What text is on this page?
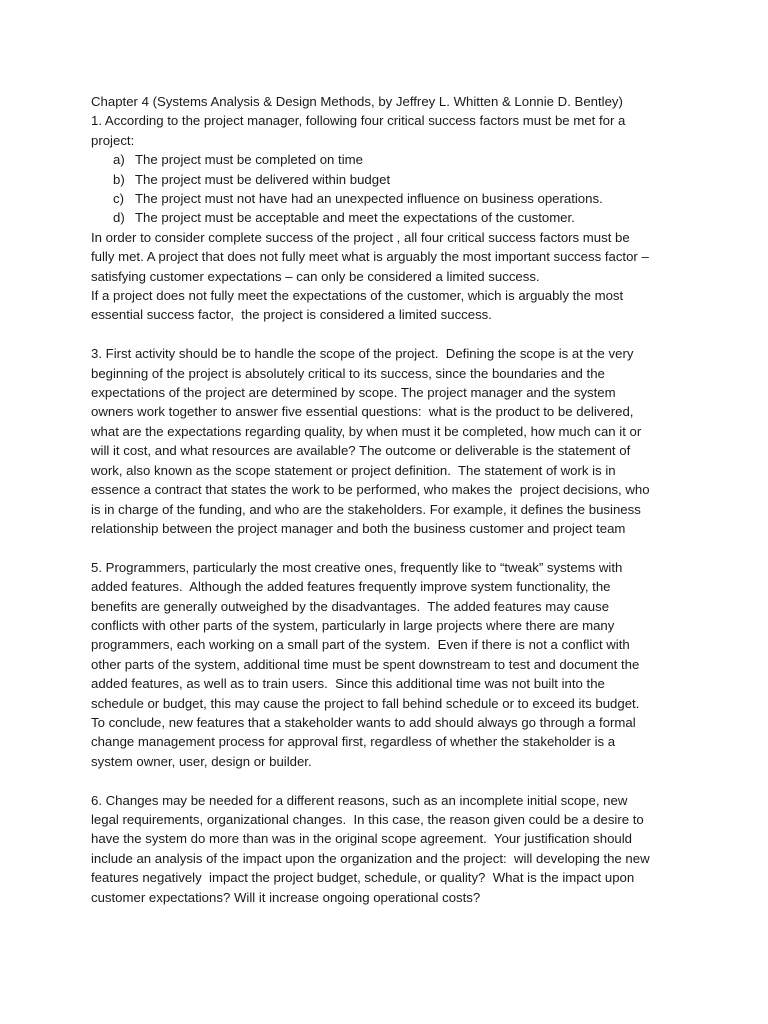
Chapter 4 (Systems Analysis & Design Methods, by Jeffrey L. Whitten & Lonnie D. Bentley)
1. According to the project manager, following four critical success factors must be met for a
project:
a) The project must be completed on time
b) The project must be delivered within budget
c) The project must not have had an unexpected influence on business operations.
d) The project must be acceptable and meet the expectations of the customer.
In order to consider complete success of the project , all four critical success factors must be
fully met. A project that does not fully meet what is arguably the most important success factor –
satisfying customer expectations – can only be considered a limited success.
If a project does not fully meet the expectations of the customer, which is arguably the most
essential success factor,  the project is considered a limited success.
3. First activity should be to handle the scope of the project.  Defining the scope is at the very
beginning of the project is absolutely critical to its success, since the boundaries and the
expectations of the project are determined by scope. The project manager and the system
owners work together to answer five essential questions:  what is the product to be delivered,
what are the expectations regarding quality, by when must it be completed, how much can it or
will it cost, and what resources are available? The outcome or deliverable is the statement of
work, also known as the scope statement or project definition.  The statement of work is in
essence a contract that states the work to be performed, who makes the  project decisions, who
is in charge of the funding, and who are the stakeholders. For example, it defines the business
relationship between the project manager and both the business customer and project team
5. Programmers, particularly the most creative ones, frequently like to “tweak” systems with
added features.  Although the added features frequently improve system functionality, the
benefits are generally outweighed by the disadvantages.  The added features may cause
conflicts with other parts of the system, particularly in large projects where there are many
programmers, each working on a small part of the system.  Even if there is not a conflict with
other parts of the system, additional time must be spent downstream to test and document the
added features, as well as to train users.  Since this additional time was not built into the
schedule or budget, this may cause the project to fall behind schedule or to exceed its budget.
To conclude, new features that a stakeholder wants to add should always go through a formal
change management process for approval first, regardless of whether the stakeholder is a
system owner, user, design or builder.
6. Changes may be needed for a different reasons, such as an incomplete initial scope, new
legal requirements, organizational changes.  In this case, the reason given could be a desire to
have the system do more than was in the original scope agreement.  Your justification should
include an analysis of the impact upon the organization and the project:  will developing the new
features negatively  impact the project budget, schedule, or quality?  What is the impact upon
customer expectations? Will it increase ongoing operational costs?
